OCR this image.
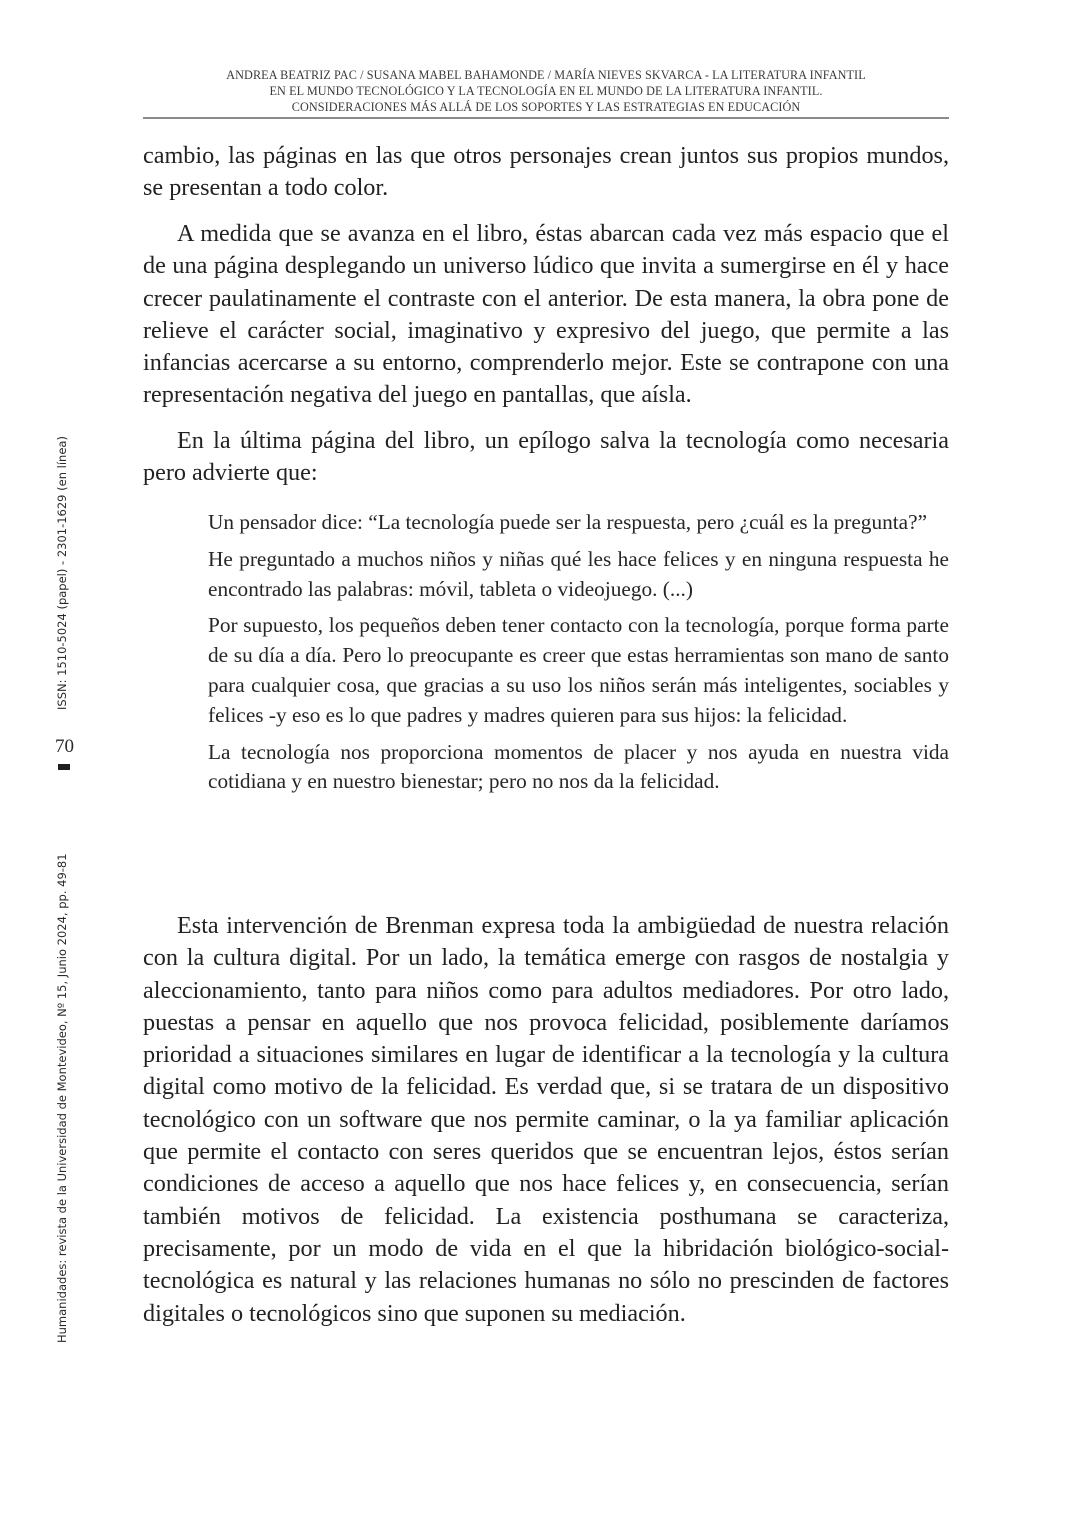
ANDREA BEATRIZ PAC / SUSANA MABEL BAHAMONDE / MARÍA NIEVES SKVARCA - LA LITERATURA INFANTIL
EN EL MUNDO TECNOLÓGICO Y LA TECNOLOGÍA EN EL MUNDO DE LA LITERATURA INFANTIL.
CONSIDERACIONES MÁS ALLÁ DE LOS SOPORTES Y LAS ESTRATEGIAS EN EDUCACIÓN
ISSN: 1510-5024 (papel) - 2301-1629 (en línea)
70
Humanidades: revista de la Universidad de Montevideo, Nº 15, Junio 2024, pp. 49-81

cambio, las páginas en las que otros personajes crean juntos sus propios mundos, se presentan a todo color.

A medida que se avanza en el libro, éstas abarcan cada vez más espacio que el de una página desplegando un universo lúdico que invita a sumergirse en él y hace crecer paulatinamente el contraste con el anterior. De esta manera, la obra pone de relieve el carácter social, imaginativo y expresivo del juego, que permite a las infancias acercarse a su entorno, comprenderlo mejor. Este se contrapone con una representación negativa del juego en pantallas, que aísla.

En la última página del libro, un epílogo salva la tecnología como necesaria pero advierte que:

Un pensador dice: “La tecnología puede ser la respuesta, pero ¿cuál es la pregunta?”

He preguntado a muchos niños y niñas qué les hace felices y en ninguna respuesta he encontrado las palabras: móvil, tableta o videojuego. (...)

Por supuesto, los pequeños deben tener contacto con la tecnología, porque forma parte de su día a día. Pero lo preocupante es creer que estas herramientas son mano de santo para cualquier cosa, que gracias a su uso los niños serán más inteligentes, sociables y felices -y eso es lo que padres y madres quieren para sus hijos: la felicidad.

La tecnología nos proporciona momentos de placer y nos ayuda en nuestra vida cotidiana y en nuestro bienestar; pero no nos da la felicidad.

Esta intervención de Brenman expresa toda la ambigüedad de nuestra relación con la cultura digital. Por un lado, la temática emerge con rasgos de nostalgia y aleccionamiento, tanto para niños como para adultos mediadores. Por otro lado, puestas a pensar en aquello que nos provoca felicidad, posiblemente daríamos prioridad a situaciones similares en lugar de identificar a la tecnología y la cultura digital como motivo de la felicidad. Es verdad que, si se tratara de un dispositivo tecnológico con un software que nos permite caminar, o la ya familiar aplicación que permite el contacto con seres queridos que se encuentran lejos, éstos serían condiciones de acceso a aquello que nos hace felices y, en consecuencia, serían también motivos de felicidad. La existencia posthumana se caracteriza, precisamente, por un modo de vida en el que la hibridación biológico-social-tecnológica es natural y las relaciones humanas no sólo no prescinden de factores digitales o tecnológicos sino que suponen su mediación.
